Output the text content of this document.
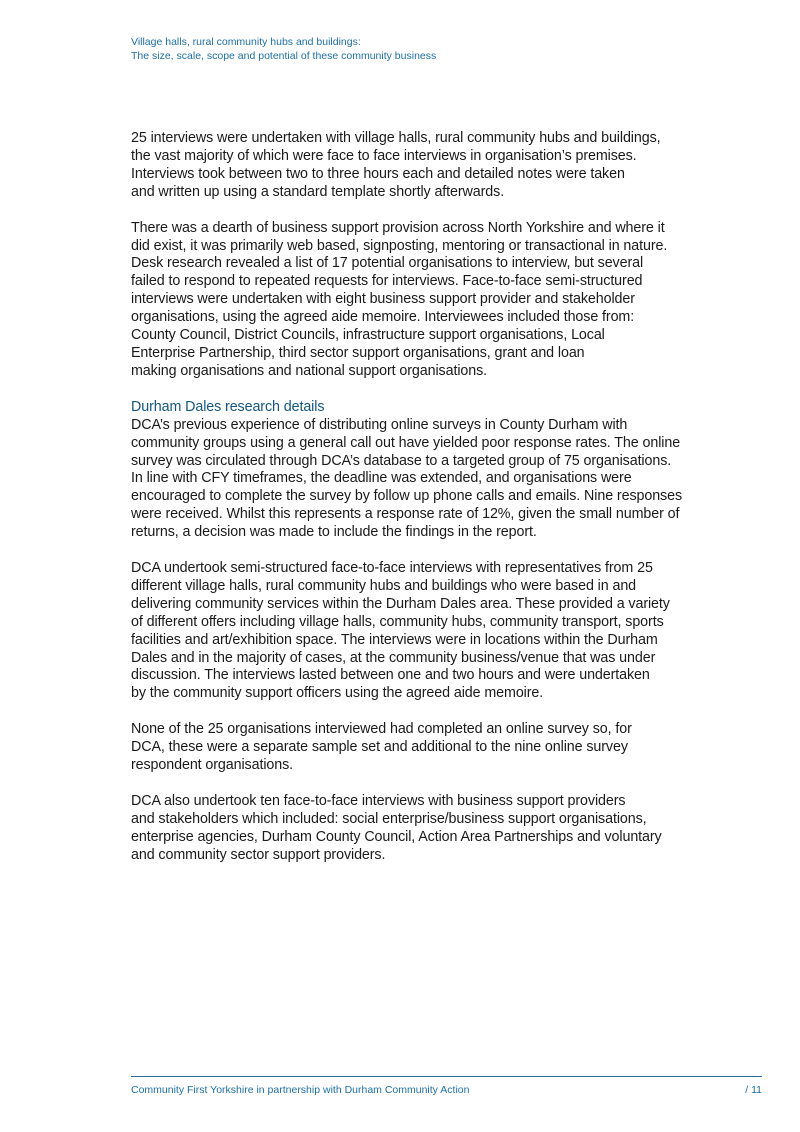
Village halls, rural community hubs and buildings:
The size, scale, scope and potential of these community business

25 interviews were undertaken with village halls, rural community hubs and buildings,
the vast majority of which were face to face interviews in organisation’s premises.
Interviews took between two to three hours each and detailed notes were taken
and written up using a standard template shortly afterwards.

There was a dearth of business support provision across North Yorkshire and where it
did exist, it was primarily web based, signposting, mentoring or transactional in nature.
Desk research revealed a list of 17 potential organisations to interview, but several
failed to respond to repeated requests for interviews. Face-to-face semi-structured
interviews were undertaken with eight business support provider and stakeholder
organisations, using the agreed aide memoire. Interviewees included those from:
County Council, District Councils, infrastructure support organisations, Local
Enterprise Partnership, third sector support organisations, grant and loan
making organisations and national support organisations.

Durham Dales research details

DCA’s previous experience of distributing online surveys in County Durham with
community groups using a general call out have yielded poor response rates. The online
survey was circulated through DCA’s database to a targeted group of 75 organisations.
In line with CFY timeframes, the deadline was extended, and organisations were
encouraged to complete the survey by follow up phone calls and emails. Nine responses
were received. Whilst this represents a response rate of 12%, given the small number of
returns, a decision was made to include the findings in the report.

DCA undertook semi-structured face-to-face interviews with representatives from 25
different village halls, rural community hubs and buildings who were based in and
delivering community services within the Durham Dales area. These provided a variety
of different offers including village halls, community hubs, community transport, sports
facilities and art/exhibition space. The interviews were in locations within the Durham
Dales and in the majority of cases, at the community business/venue that was under
discussion. The interviews lasted between one and two hours and were undertaken
by the community support officers using the agreed aide memoire.

None of the 25 organisations interviewed had completed an online survey so, for
DCA, these were a separate sample set and additional to the nine online survey
respondent organisations.

DCA also undertook ten face-to-face interviews with business support providers
and stakeholders which included: social enterprise/business support organisations,
enterprise agencies, Durham County Council, Action Area Partnerships and voluntary
and community sector support providers.

Community First Yorkshire in partnership with Durham Community Action	/ 11
